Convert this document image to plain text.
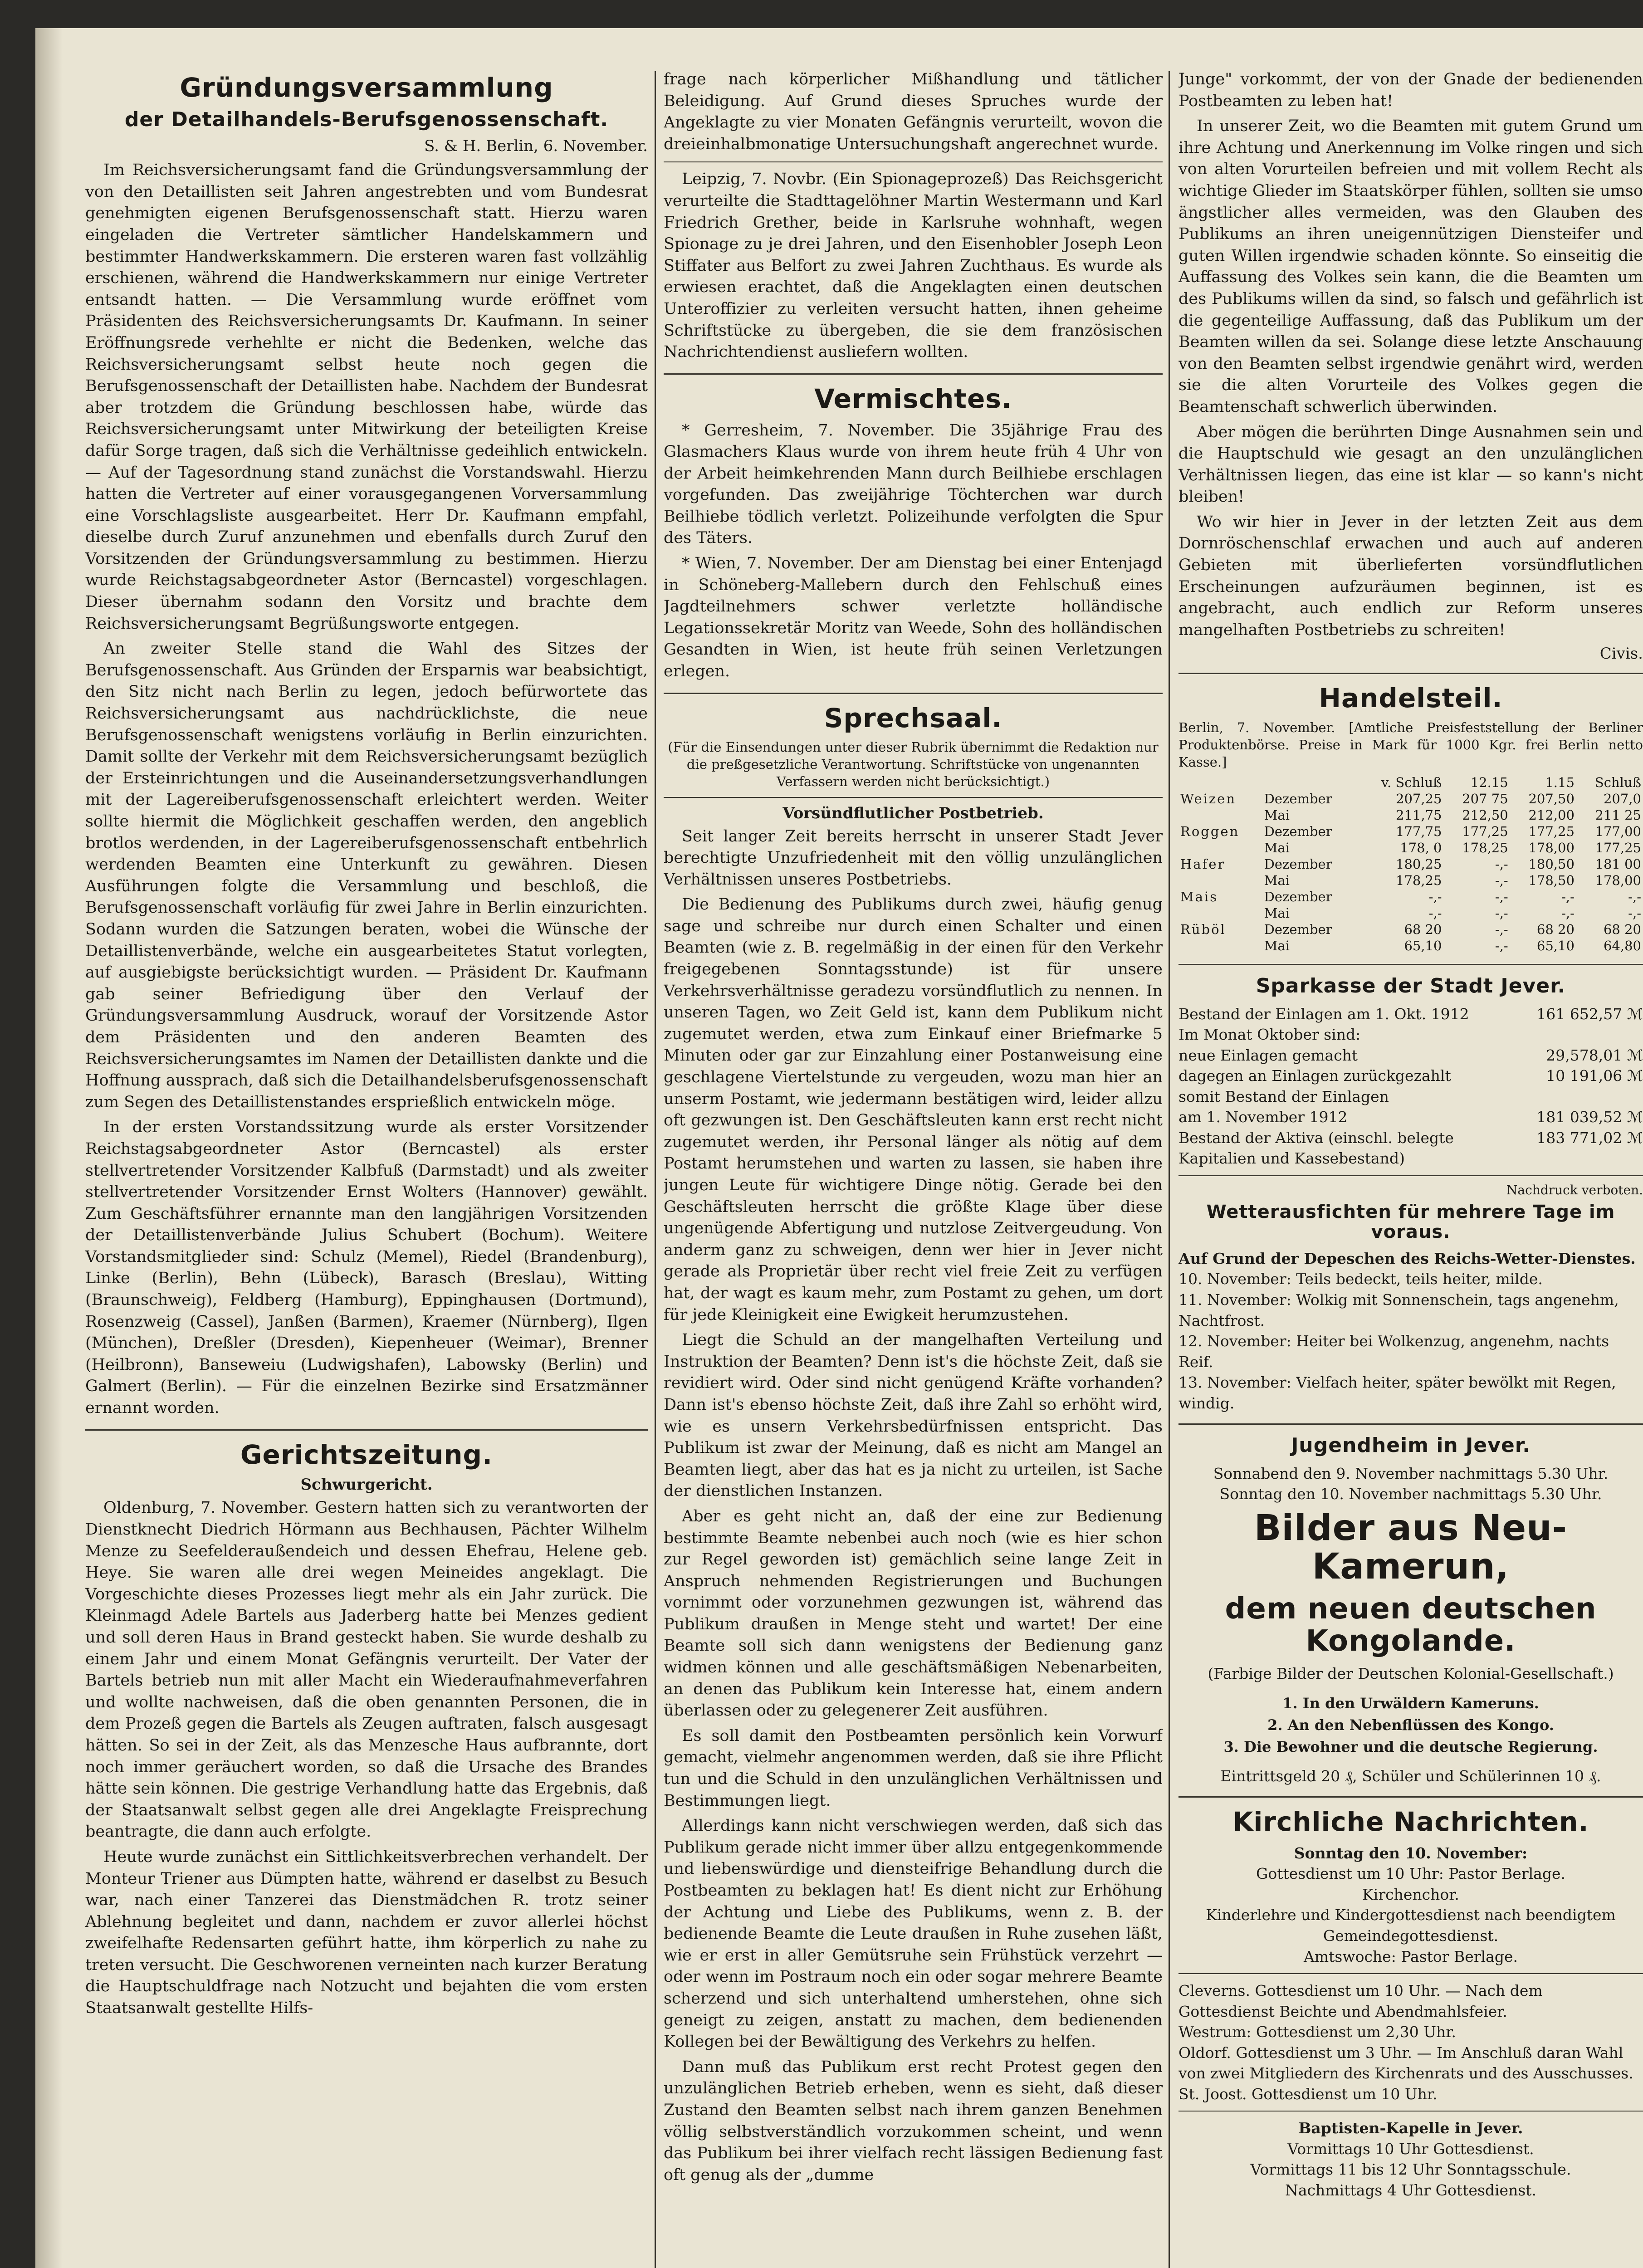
Gründungsversammlung
der Detailhandels-Berufsgenossenschaft.
S. & H. Berlin, 6. November.

Im Reichsversicherungsamt fand die Gründungsversammlung der von den Detaillisten seit Jahren angestrebten und vom Bundesrat genehmigten eigenen Berufsgenossenschaft statt. Hierzu waren eingeladen die Vertreter sämtlicher Handelskammern und bestimmter Handwerkskammern. Die ersteren waren fast vollzählig erschienen, während die Handwerkskammern nur einige Vertreter entsandt hatten. — Die Versammlung wurde eröffnet vom Präsidenten des Reichsversicherungsamts Dr. Kaufmann. In seiner Eröffnungsrede verhehlte er nicht die Bedenken, welche das Reichsversicherungsamt selbst heute noch gegen die Berufsgenossenschaft der Detaillisten habe. Nachdem der Bundesrat aber trotzdem die Gründung beschlossen habe, würde das Reichsversicherungsamt unter Mitwirkung der beteiligten Kreise dafür Sorge tragen, daß sich die Verhältnisse gedeihlich entwickeln. — Auf der Tagesordnung stand zunächst die Vorstandswahl. Hierzu hatten die Vertreter auf einer vorausgegangenen Vorversammlung eine Vorschlagsliste ausgearbeitet. Herr Dr. Kaufmann empfahl, dieselbe durch Zuruf anzunehmen und ebenfalls durch Zuruf den Vorsitzenden der Gründungsversammlung zu bestimmen. Hierzu wurde Reichstagsabgeordneter Astor (Berncastel) vorgeschlagen. Dieser übernahm sodann den Vorsitz und brachte dem Reichsversicherungsamt Begrüßungsworte entgegen.

An zweiter Stelle stand die Wahl des Sitzes der Berufsgenossenschaft. Aus Gründen der Ersparnis war beabsichtigt, den Sitz nicht nach Berlin zu legen, jedoch befürwortete das Reichsversicherungsamt aus nachdrücklichste, die neue Berufsgenossenschaft wenigstens vorläufig in Berlin einzurichten. Damit sollte der Verkehr mit dem Reichsversicherungsamt bezüglich der Ersteinrichtungen und die Auseinandersetzungsverhandlungen mit der Lagereiberufsgenossenschaft erleichtert werden. Weiter sollte hiermit die Möglichkeit geschaffen werden, den angeblich brotlos werdenden, in der Lagereiberufsgenossenschaft entbehrlich werdenden Beamten eine Unterkunft zu gewähren. Diesen Ausführungen folgte die Versammlung und beschloß, die Berufsgenossenschaft vorläufig für zwei Jahre in Berlin einzurichten. Sodann wurden die Satzungen beraten, wobei die Wünsche der Detaillistenverbände, welche ein ausgearbeitetes Statut vorlegten, auf ausgiebigste berücksichtigt wurden. — Präsident Dr. Kaufmann gab seiner Befriedigung über den Verlauf der Gründungsversammlung Ausdruck, worauf der Vorsitzende Astor dem Präsidenten und den anderen Beamten des Reichsversicherungsamtes im Namen der Detaillisten dankte und die Hoffnung aussprach, daß sich die Detailhandelsberufsgenossenschaft zum Segen des Detaillistenstandes ersprießlich entwickeln möge.

In der ersten Vorstandssitzung wurde als erster Vorsitzender Reichstagsabgeordneter Astor (Berncastel) als erster stellvertretender Vorsitzender Kalbfuß (Darmstadt) und als zweiter stellvertretender Vorsitzender Ernst Wolters (Hannover) gewählt. Zum Geschäftsführer ernannte man den langjährigen Vorsitzenden der Detaillistenverbände Julius Schubert (Bochum). Weitere Vorstandsmitglieder sind: Schulz (Memel), Riedel (Brandenburg), Linke (Berlin), Behn (Lübeck), Barasch (Breslau), Witting (Braunschweig), Feldberg (Hamburg), Eppinghausen (Dortmund), Rosenzweig (Cassel), Janßen (Barmen), Kraemer (Nürnberg), Ilgen (München), Dreßler (Dresden), Kiepenheuer (Weimar), Brenner (Heilbronn), Banseweiu (Ludwigshafen), Labowsky (Berlin) und Galmert (Berlin). — Für die einzelnen Bezirke sind Ersatzmänner ernannt worden.

Gerichtszeitung.
Schwurgericht.

Oldenburg, 7. November. Gestern hatten sich zu verantworten der Dienstknecht Diedrich Hörmann aus Bechhausen, Pächter Wilhelm Menze zu Seefelderaußendeich und dessen Ehefrau, Helene geb. Heye. Sie waren alle drei wegen Meineides angeklagt. Die Vorgeschichte dieses Prozesses liegt mehr als ein Jahr zurück. Die Kleinmagd Adele Bartels aus Jaderberg hatte bei Menzes gedient und soll deren Haus in Brand gesteckt haben. Sie wurde deshalb zu einem Jahr und einem Monat Gefängnis verurteilt. Der Vater der Bartels betrieb nun mit aller Macht ein Wiederaufnahmeverfahren und wollte nachweisen, daß die oben genannten Personen, die in dem Prozeß gegen die Bartels als Zeugen auftraten, falsch ausgesagt hätten. So sei in der Zeit, als das Menzesche Haus aufbrannte, dort noch immer geräuchert worden, so daß die Ursache des Brandes hätte sein können. Die gestrige Verhandlung hatte das Ergebnis, daß der Staatsanwalt selbst gegen alle drei Angeklagte Freisprechung beantragte, die dann auch erfolgte.

Heute wurde zunächst ein Sittlichkeitsverbrechen verhandelt. Der Monteur Triener aus Dümpten hatte, während er daselbst zu Besuch war, nach einer Tanzerei das Dienstmädchen R. trotz seiner Ablehnung begleitet und dann, nachdem er zuvor allerlei höchst zweifelhafte Redensarten geführt hatte, ihm körperlich zu nahe zu treten versucht. Die Geschworenen verneinten nach kurzer Beratung die Hauptschuldfrage nach Notzucht und bejahten die vom ersten Staatsanwalt gestellte Hilfs-

frage nach körperlicher Mißhandlung und tätlicher Beleidigung. Auf Grund dieses Spruches wurde der Angeklagte zu vier Monaten Gefängnis verurteilt, wovon die dreieinhalbmonatige Untersuchungshaft angerechnet wurde.

Leipzig, 7. Novbr. (Ein Spionageprozeß) Das Reichsgericht verurteilte die Stadttagelöhner Martin Westermann und Karl Friedrich Grether, beide in Karlsruhe wohnhaft, wegen Spionage zu je drei Jahren, und den Eisenhobler Joseph Leon Stiffater aus Belfort zu zwei Jahren Zuchthaus. Es wurde als erwiesen erachtet, daß die Angeklagten einen deutschen Unteroffizier zu verleiten versucht hatten, ihnen geheime Schriftstücke zu übergeben, die sie dem französischen Nachrichtendienst ausliefern wollten.

Vermischtes.

* Gerresheim, 7. November. Die 35jährige Frau des Glasmachers Klaus wurde von ihrem heute früh 4 Uhr von der Arbeit heimkehrenden Mann durch Beilhiebe erschlagen vorgefunden. Das zweijährige Töchterchen war durch Beilhiebe tödlich verletzt. Polizeihunde verfolgten die Spur des Täters.

* Wien, 7. November. Der am Dienstag bei einer Entenjagd in Schöneberg-Mallebern durch den Fehlschuß eines Jagdteilnehmers schwer verletzte holländische Legationssekretär Moritz van Weede, Sohn des holländischen Gesandten in Wien, ist heute früh seinen Verletzungen erlegen.

Sprechsaal.

(Für die Einsendungen unter dieser Rubrik übernimmt die Redaktion nur die preßgesetzliche Verantwortung. Schriftstücke von ungenannten Verfassern werden nicht berücksichtigt.)

Vorsündflutlicher Postbetrieb.

Seit langer Zeit bereits herrscht in unserer Stadt Jever berechtigte Unzufriedenheit mit den völlig unzulänglichen Verhältnissen unseres Postbetriebs.

Die Bedienung des Publikums durch zwei, häufig genug sage und schreibe nur durch einen Schalter und einen Beamten (wie z. B. regelmäßig in der einen für den Verkehr freigegebenen Sonntagsstunde) ist für unsere Verkehrsverhältnisse geradezu vorsündflutlich zu nennen. In unseren Tagen, wo Zeit Geld ist, kann dem Publikum nicht zugemutet werden, etwa zum Einkauf einer Briefmarke 5 Minuten oder gar zur Einzahlung einer Postanweisung eine geschlagene Viertelstunde zu vergeuden, wozu man hier an unserm Postamt, wie jedermann bestätigen wird, leider allzu oft gezwungen ist. Den Geschäftsleuten kann erst recht nicht zugemutet werden, ihr Personal länger als nötig auf dem Postamt herumstehen und warten zu lassen, sie haben ihre jungen Leute für wichtigere Dinge nötig. Gerade bei den Geschäftsleuten herrscht die größte Klage über diese ungenügende Abfertigung und nutzlose Zeitvergeudung. Von anderm ganz zu schweigen, denn wer hier in Jever nicht gerade als Proprietär über recht viel freie Zeit zu verfügen hat, der wagt es kaum mehr, zum Postamt zu gehen, um dort für jede Kleinigkeit eine Ewigkeit herumzustehen.

Liegt die Schuld an der mangelhaften Verteilung und Instruktion der Beamten? Denn ist's die höchste Zeit, daß sie revidiert wird. Oder sind nicht genügend Kräfte vorhanden? Dann ist's ebenso höchste Zeit, daß ihre Zahl so erhöht wird, wie es unsern Verkehrsbedürfnissen entspricht. Das Publikum ist zwar der Meinung, daß es nicht am Mangel an Beamten liegt, aber das hat es ja nicht zu urteilen, ist Sache der dienstlichen Instanzen.

Aber es geht nicht an, daß der eine zur Bedienung bestimmte Beamte nebenbei auch noch (wie es hier schon zur Regel geworden ist) gemächlich seine lange Zeit in Anspruch nehmenden Registrierungen und Buchungen vornimmt oder vorzunehmen gezwungen ist, während das Publikum draußen in Menge steht und wartet! Der eine Beamte soll sich dann wenigstens der Bedienung ganz widmen können und alle geschäftsmäßigen Nebenarbeiten, an denen das Publikum kein Interesse hat, einem andern überlassen oder zu gelegenerer Zeit ausführen.

Es soll damit den Postbeamten persönlich kein Vorwurf gemacht, vielmehr angenommen werden, daß sie ihre Pflicht tun und die Schuld in den unzulänglichen Verhältnissen und Bestimmungen liegt.

Allerdings kann nicht verschwiegen werden, daß sich das Publikum gerade nicht immer über allzu entgegenkommende und liebenswürdige und diensteifrige Behandlung durch die Postbeamten zu beklagen hat! Es dient nicht zur Erhöhung der Achtung und Liebe des Publikums, wenn z. B. der bedienende Beamte die Leute draußen in Ruhe zusehen läßt, wie er erst in aller Gemütsruhe sein Frühstück verzehrt — oder wenn im Postraum noch ein oder sogar mehrere Beamte scherzend und sich unterhaltend umherstehen, ohne sich geneigt zu zeigen, anstatt zu machen, dem bedienenden Kollegen bei der Bewältigung des Verkehrs zu helfen.

Dann muß das Publikum erst recht Protest gegen den unzulänglichen Betrieb erheben, wenn es sieht, daß dieser Zustand den Beamten selbst nach ihrem ganzen Benehmen völlig selbstverständlich vorzukommen scheint, und wenn das Publikum bei ihrer vielfach recht lässigen Bedienung fast oft genug als der „dumme

Junge" vorkommt, der von der Gnade der bedienenden Postbeamten zu leben hat!

In unserer Zeit, wo die Beamten mit gutem Grund um ihre Achtung und Anerkennung im Volke ringen und sich von alten Vorurteilen befreien und mit vollem Recht als wichtige Glieder im Staatskörper fühlen, sollten sie umso ängstlicher alles vermeiden, was den Glauben des Publikums an ihren uneigennützigen Diensteifer und guten Willen irgendwie schaden könnte. So einseitig die Auffassung des Volkes sein kann, die die Beamten um des Publikums willen da sind, so falsch und gefährlich ist die gegenteilige Auffassung, daß das Publikum um der Beamten willen da sei. Solange diese letzte Anschauung von den Beamten selbst irgendwie genährt wird, werden sie die alten Vorurteile des Volkes gegen die Beamtenschaft schwerlich überwinden.

Aber mögen die berührten Dinge Ausnahmen sein und die Hauptschuld wie gesagt an den unzulänglichen Verhältnissen liegen, das eine ist klar — so kann's nicht bleiben!

Wo wir hier in Jever in der letzten Zeit aus dem Dornröschenschlaf erwachen und auch auf anderen Gebieten mit überlieferten vorsündflutlichen Erscheinungen aufzuräumen beginnen, ist es angebracht, auch endlich zur Reform unseres mangelhaften Postbetriebs zu schreiten!

Civis.
Handelsteil.

Berlin, 7. November. [Amtliche Preisfeststellung der Berliner Produktenbörse. Preise in Mark für 1000 Kgr. frei Berlin netto Kasse.]

		v. Schluß	12.15	1.15	Schluß
Weizen	Dezember	207,25	207 75	207,50	207,0
	Mai	211,75	212,50	212,00	211 25
Roggen	Dezember	177,75	177,25	177,25	177,00
	Mai	178, 0	178,25	178,00	177,25
Hafer	Dezember	180,25	-,-	180,50	181 00
	Mai	178,25	-,-	178,50	178,00
Mais	Dezember	-,-	-,-	-,-	-,-
	Mai	-,-	-,-	-,-	-,-
Rüböl	Dezember	68 20	-,-	68 20	68 20
	Mai	65,10	-,-	65,10	64,80
Sparkasse der Stadt Jever.
Bestand der Einlagen am 1. Okt. 1912	161 652,57 ℳ
Im Monat Oktober sind:
neue Einlagen gemacht	29,578,01 ℳ
dagegen an Einlagen zurückgezahlt	10 191,06 ℳ
somit Bestand der Einlagen
am 1. November 1912	181 039,52 ℳ
Bestand der Aktiva (einschl. belegte Kapitalien und Kassebestand)
183 771,02 ℳ
Nachdruck verboten.
Wetterausfichten für mehrere Tage im voraus.
Auf Grund der Depeschen des Reichs-Wetter-Dienstes.
10. November: Teils bedeckt, teils heiter, milde.
11. November: Wolkig mit Sonnenschein, tags angenehm, Nachtfrost.
12. November: Heiter bei Wolkenzug, angenehm, nachts Reif.
13. November: Vielfach heiter, später bewölkt mit Regen, windig.
Jugendheim in Jever.
Sonnabend den 9. November nachmittags 5.30 Uhr.
Sonntag den 10. November nachmittags 5.30 Uhr.
Bilder aus Neu-Kamerun,
dem neuen deutschen Kongolande.
(Farbige Bilder der Deutschen Kolonial-Gesellschaft.)
1. In den Urwäldern Kameruns.
2. An den Nebenflüssen des Kongo.
3. Die Bewohner und die deutsche Regierung.
Eintrittsgeld 20 ₰, Schüler und Schülerinnen 10 ₰.
Kirchliche Nachrichten.
Sonntag den 10. November:
Gottesdienst um 10 Uhr: Pastor Berlage.
Kirchenchor.
Kinderlehre und Kindergottesdienst nach beendigtem Gemeindegottesdienst.
Amtswoche: Pastor Berlage.
Cleverns. Gottesdienst um 10 Uhr. — Nach dem Gottesdienst Beichte und Abendmahlsfeier.
Westrum: Gottesdienst um 2,30 Uhr.
Oldorf. Gottesdienst um 3 Uhr. — Im Anschluß daran Wahl von zwei Mitgliedern des Kirchenrats und des Ausschusses.
St. Joost. Gottesdienst um 10 Uhr.
Baptisten-Kapelle in Jever.
Vormittags 10 Uhr Gottesdienst.
Vormittags 11 bis 12 Uhr Sonntagsschule.
Nachmittags 4 Uhr Gottesdienst.
